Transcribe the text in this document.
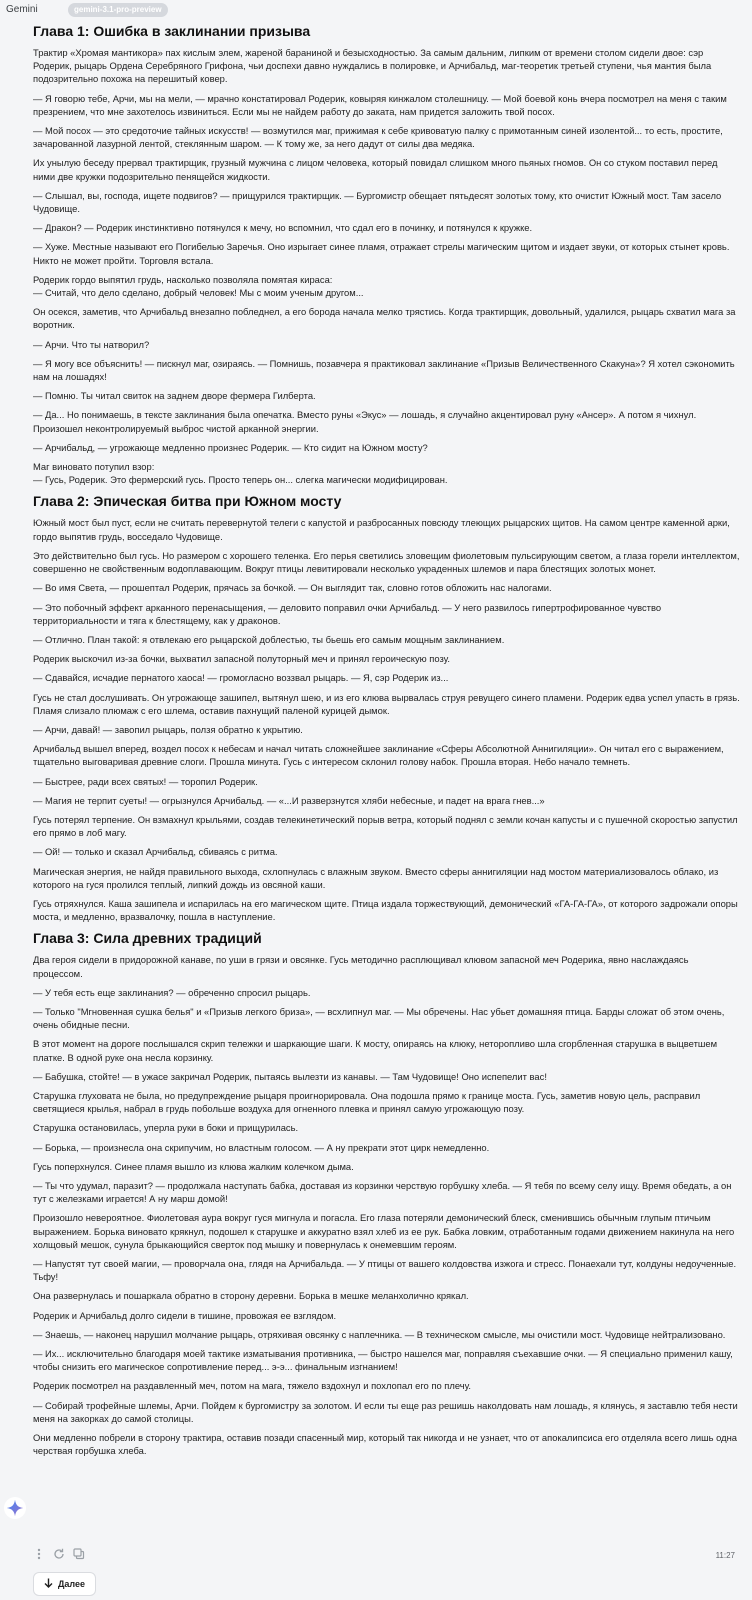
Gemini	gemini-3.1-pro-preview
Глава 1: Ошибка в заклинании призыва

Трактир «Хромая мантикора» пах кислым элем, жареной бараниной и безысходностью. За самым дальним, липким от времени столом сидели двое: сэр Родерик, рыцарь Ордена Серебряного Грифона, чьи доспехи давно нуждались в полировке, и Арчибальд, маг-теоретик третьей ступени, чья мантия была подозрительно похожа на перешитый ковер.

— Я говорю тебе, Арчи, мы на мели, — мрачно констатировал Родерик, ковыряя кинжалом столешницу. — Мой боевой конь вчера посмотрел на меня с таким презрением, что мне захотелось извиниться. Если мы не найдем работу до заката, нам придется заложить твой посох.

— Мой посох — это средоточие тайных искусств! — возмутился маг, прижимая к себе кривоватую палку с примотанным синей изолентой... то есть, простите, зачарованной лазурной лентой, стеклянным шаром. — К тому же, за него дадут от силы два медяка.

Их унылую беседу прервал трактирщик, грузный мужчина с лицом человека, который повидал слишком много пьяных гномов. Он со стуком поставил перед ними две кружки подозрительно пенящейся жидкости.

— Слышал, вы, господа, ищете подвигов? — прищурился трактирщик. — Бургомистр обещает пятьдесят золотых тому, кто очистит Южный мост. Там засело Чудовище.

— Дракон? — Родерик инстинктивно потянулся к мечу, но вспомнил, что сдал его в починку, и потянулся к кружке.

— Хуже. Местные называют его Погибелью Заречья. Оно изрыгает синее пламя, отражает стрелы магическим щитом и издает звуки, от которых стынет кровь. Никто не может пройти. Торговля встала.

Родерик гордо выпятил грудь, насколько позволяла помятая кираса:
— Считай, что дело сделано, добрый человек! Мы с моим ученым другом...

Он осекся, заметив, что Арчибальд внезапно побледнел, а его борода начала мелко трястись. Когда трактирщик, довольный, удалился, рыцарь схватил мага за воротник.

— Арчи. Что ты натворил?

— Я могу все объяснить! — пискнул маг, озираясь. — Помнишь, позавчера я практиковал заклинание «Призыв Величественного Скакуна»? Я хотел сэкономить нам на лошадях!

— Помню. Ты читал свиток на заднем дворе фермера Гилберта.

— Да... Но понимаешь, в тексте заклинания была опечатка. Вместо руны «Экус» — лошадь, я случайно акцентировал руну «Ансер». А потом я чихнул. Произошел неконтролируемый выброс чистой арканной энергии.

— Арчибальд, — угрожающе медленно произнес Родерик. — Кто сидит на Южном мосту?

Маг виновато потупил взор:
— Гусь, Родерик. Это фермерский гусь. Просто теперь он... слегка магически модифицирован.

Глава 2: Эпическая битва при Южном мосту

Южный мост был пуст, если не считать перевернутой телеги с капустой и разбросанных повсюду тлеющих рыцарских щитов. На самом центре каменной арки, гордо выпятив грудь, восседало Чудовище.

Это действительно был гусь. Но размером с хорошего теленка. Его перья светились зловещим фиолетовым пульсирующим светом, а глаза горели интеллектом, совершенно не свойственным водоплавающим. Вокруг птицы левитировали несколько украденных шлемов и пара блестящих золотых монет.

— Во имя Света, — прошептал Родерик, прячась за бочкой. — Он выглядит так, словно готов обложить нас налогами.

— Это побочный эффект арканного перенасыщения, — деловито поправил очки Арчибальд. — У него развилось гипертрофированное чувство территориальности и тяга к блестящему, как у драконов.

— Отлично. План такой: я отвлекаю его рыцарской доблестью, ты бьешь его самым мощным заклинанием.

Родерик выскочил из-за бочки, выхватил запасной полуторный меч и принял героическую позу.

— Сдавайся, исчадие пернатого хаоса! — громогласно воззвал рыцарь. — Я, сэр Родерик из...

Гусь не стал дослушивать. Он угрожающе зашипел, вытянул шею, и из его клюва вырвалась струя ревущего синего пламени. Родерик едва успел упасть в грязь. Пламя слизало плюмаж с его шлема, оставив пахнущий паленой курицей дымок.

— Арчи, давай! — завопил рыцарь, ползя обратно к укрытию.

Арчибальд вышел вперед, воздел посох к небесам и начал читать сложнейшее заклинание «Сферы Абсолютной Аннигиляции». Он читал его с выражением, тщательно выговаривая древние слоги. Прошла минута. Гусь с интересом склонил голову набок. Прошла вторая. Небо начало темнеть.

— Быстрее, ради всех святых! — торопил Родерик.

— Магия не терпит суеты! — огрызнулся Арчибальд. — «...И разверзнутся хляби небесные, и падет на врага гнев...»

Гусь потерял терпение. Он взмахнул крыльями, создав телекинетический порыв ветра, который поднял с земли кочан капусты и с пушечной скоростью запустил его прямо в лоб магу.

— Ой! — только и сказал Арчибальд, сбиваясь с ритма.

Магическая энергия, не найдя правильного выхода, схлопнулась с влажным звуком. Вместо сферы аннигиляции над мостом материализовалось облако, из которого на гуся пролился теплый, липкий дождь из овсяной каши.

Гусь отряхнулся. Каша зашипела и испарилась на его магическом щите. Птица издала торжествующий, демонический «ГА-ГА-ГА», от которого задрожали опоры моста, и медленно, вразвалочку, пошла в наступление.

Глава 3: Сила древних традиций

Два героя сидели в придорожной канаве, по уши в грязи и овсянке. Гусь методично расплющивал клювом запасной меч Родерика, явно наслаждаясь процессом.

— У тебя есть еще заклинания? — обреченно спросил рыцарь.

— Только "Мгновенная сушка белья" и «Призыв легкого бриза», — всхлипнул маг. — Мы обречены. Нас убьет домашняя птица. Барды сложат об этом очень, очень обидные песни.

В этот момент на дороге послышался скрип тележки и шаркающие шаги. К мосту, опираясь на клюку, неторопливо шла сгорбленная старушка в выцветшем платке. В одной руке она несла корзинку.

— Бабушка, стойте! — в ужасе закричал Родерик, пытаясь вылезти из канавы. — Там Чудовище! Оно испепелит вас!

Старушка глуховата не была, но предупреждение рыцаря проигнорировала. Она подошла прямо к границе моста. Гусь, заметив новую цель, расправил светящиеся крылья, набрал в грудь побольше воздуха для огненного плевка и принял самую угрожающую позу.

Старушка остановилась, уперла руки в боки и прищурилась.

— Борька, — произнесла она скрипучим, но властным голосом. — А ну прекрати этот цирк немедленно.

Гусь поперхнулся. Синее пламя вышло из клюва жалким колечком дыма.

— Ты что удумал, паразит? — продолжала наступать бабка, доставая из корзинки черствую горбушку хлеба. — Я тебя по всему селу ищу. Время обедать, а он тут с железками играется! А ну марш домой!

Произошло невероятное. Фиолетовая аура вокруг гуся мигнула и погасла. Его глаза потеряли демонический блеск, сменившись обычным глупым птичьим выражением. Борька виновато крякнул, подошел к старушке и аккуратно взял хлеб из ее рук. Бабка ловким, отработанным годами движением накинула на него холщовый мешок, сунула брыкающийся сверток под мышку и повернулась к онемевшим героям.

— Напустят тут своей магии, — проворчала она, глядя на Арчибальда. — У птицы от вашего колдовства изжога и стресс. Понаехали тут, колдуны недоученные. Тьфу!

Она развернулась и пошаркала обратно в сторону деревни. Борька в мешке меланхолично крякал.

Родерик и Арчибальд долго сидели в тишине, провожая ее взглядом.

— Знаешь, — наконец нарушил молчание рыцарь, отряхивая овсянку с наплечника. — В техническом смысле, мы очистили мост. Чудовище нейтрализовано.

— Их... исключительно благодаря моей тактике изматывания противника, — быстро нашелся маг, поправляя съехавшие очки. — Я специально применил кашу, чтобы снизить его магическое сопротивление перед... э-э... финальным изгнанием!

Родерик посмотрел на раздавленный меч, потом на мага, тяжело вздохнул и похлопал его по плечу.

— Собирай трофейные шлемы, Арчи. Пойдем к бургомистру за золотом. И если ты еще раз решишь наколдовать нам лошадь, я клянусь, я заставлю тебя нести меня на закорках до самой столицы.

Они медленно побрели в сторону трактира, оставив позади спасенный мир, который так никогда и не узнает, что от апокалипсиса его отделяла всего лишь одна черствая горбушка хлеба.

11:27
Далее
